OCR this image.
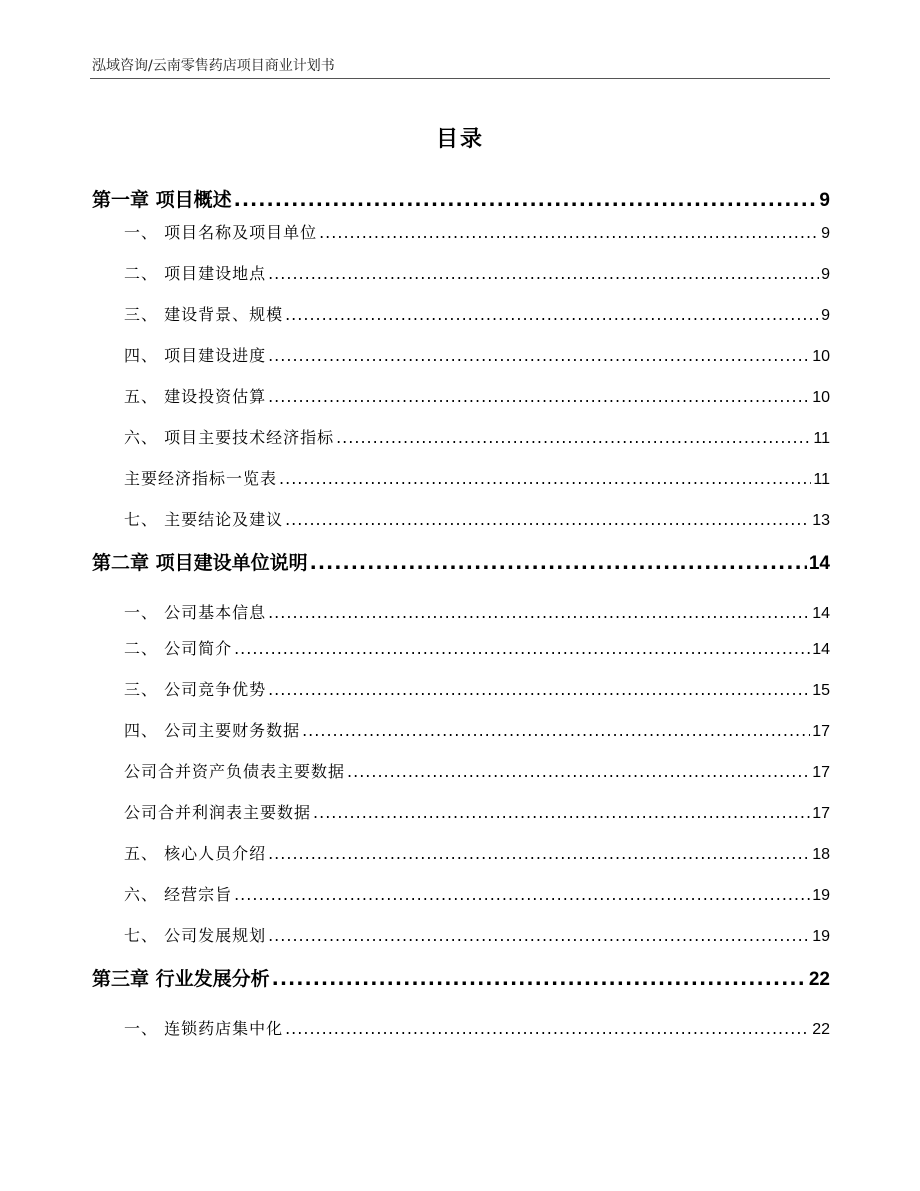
泓域咨询/云南零售药店项目商业计划书
目录
第一章 项目概述 .....	9
一、 项目名称及项目单位 .....	9
二、 项目建设地点 .....	9
三、 建设背景、规模 .....	9
四、 项目建设进度 .....	10
五、 建设投资估算 .....	10
六、 项目主要技术经济指标 .....	11
主要经济指标一览表 .....	11
七、 主要结论及建议 .....	13
第二章 项目建设单位说明 .....	14
一、 公司基本信息 .....	14
二、 公司简介 .....	14
三、 公司竞争优势 .....	15
四、 公司主要财务数据 .....	17
公司合并资产负债表主要数据 .....	17
公司合并利润表主要数据 .....	17
五、 核心人员介绍 .....	18
六、 经营宗旨 .....	19
七、 公司发展规划 .....	19
第三章 行业发展分析 .....	22
一、 连锁药店集中化 .....	22
